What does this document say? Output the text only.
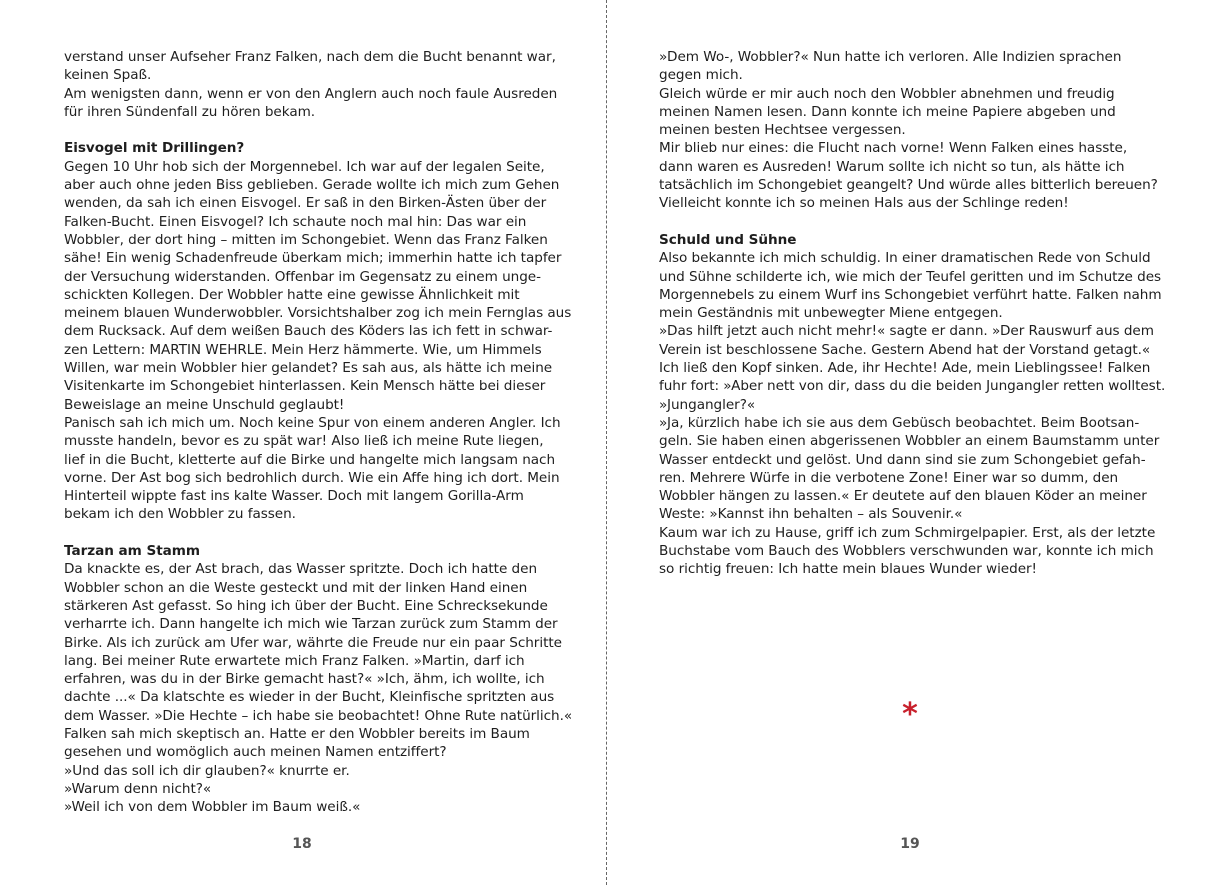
verstand unser Aufseher Franz Falken, nach dem die Bucht benannt war,

keinen Spaß.

Am wenigsten dann, wenn er von den Anglern auch noch faule Ausreden

für ihren Sündenfall zu hören bekam.

Eisvogel mit Drillingen?

Gegen 10 Uhr hob sich der Morgennebel. Ich war auf der legalen Seite,

aber auch ohne jeden Biss geblieben. Gerade wollte ich mich zum Gehen

wenden, da sah ich einen Eisvogel. Er saß in den Birken-Ästen über der

Falken-Bucht. Einen Eisvogel? Ich schaute noch mal hin: Das war ein

Wobbler, der dort hing – mitten im Schongebiet. Wenn das Franz Falken

sähe! Ein wenig Schadenfreude überkam mich; immerhin hatte ich tapfer

der Versuchung widerstanden. Offenbar im Gegensatz zu einem unge-

schickten Kollegen. Der Wobbler hatte eine gewisse Ähnlichkeit mit

meinem blauen Wunderwobbler. Vorsichtshalber zog ich mein Fernglas aus

dem Rucksack. Auf dem weißen Bauch des Köders las ich fett in schwar-

zen Lettern: MARTIN WEHRLE. Mein Herz hämmerte. Wie, um Himmels

Willen, war mein Wobbler hier gelandet? Es sah aus, als hätte ich meine

Visitenkarte im Schongebiet hinterlassen. Kein Mensch hätte bei dieser

Beweislage an meine Unschuld geglaubt!

Panisch sah ich mich um. Noch keine Spur von einem anderen Angler. Ich

musste handeln, bevor es zu spät war! Also ließ ich meine Rute liegen,

lief in die Bucht, kletterte auf die Birke und hangelte mich langsam nach

vorne. Der Ast bog sich bedrohlich durch. Wie ein Affe hing ich dort. Mein

Hinterteil wippte fast ins kalte Wasser. Doch mit langem Gorilla-Arm

bekam ich den Wobbler zu fassen.

Tarzan am Stamm

Da knackte es, der Ast brach, das Wasser spritzte. Doch ich hatte den

Wobbler schon an die Weste gesteckt und mit der linken Hand einen

stärkeren Ast gefasst. So hing ich über der Bucht. Eine Schrecksekunde

verharrte ich. Dann hangelte ich mich wie Tarzan zurück zum Stamm der

Birke. Als ich zurück am Ufer war, währte die Freude nur ein paar Schritte

lang. Bei meiner Rute erwartete mich Franz Falken. »Martin, darf ich

erfahren, was du in der Birke gemacht hast?« »Ich, ähm, ich wollte, ich

dachte ...« Da klatschte es wieder in der Bucht, Kleinfische spritzten aus

dem Wasser. »Die Hechte – ich habe sie beobachtet! Ohne Rute natürlich.«

Falken sah mich skeptisch an. Hatte er den Wobbler bereits im Baum

gesehen und womöglich auch meinen Namen entziffert?

»Und das soll ich dir glauben?« knurrte er.

»Warum denn nicht?«

»Weil ich von dem Wobbler im Baum weiß.«

18

»Dem Wo-, Wobbler?« Nun hatte ich verloren. Alle Indizien sprachen

gegen mich.

Gleich würde er mir auch noch den Wobbler abnehmen und freudig

meinen Namen lesen. Dann konnte ich meine Papiere abgeben und

meinen besten Hechtsee vergessen.

Mir blieb nur eines: die Flucht nach vorne! Wenn Falken eines hasste,

dann waren es Ausreden! Warum sollte ich nicht so tun, als hätte ich

tatsächlich im Schongebiet geangelt? Und würde alles bitterlich bereuen?

Vielleicht konnte ich so meinen Hals aus der Schlinge reden!

Schuld und Sühne

Also bekannte ich mich schuldig. In einer dramatischen Rede von Schuld

und Sühne schilderte ich, wie mich der Teufel geritten und im Schutze des

Morgennebels zu einem Wurf ins Schongebiet verführt hatte. Falken nahm

mein Geständnis mit unbewegter Miene entgegen.

»Das hilft jetzt auch nicht mehr!« sagte er dann. »Der Rauswurf aus dem

Verein ist beschlossene Sache. Gestern Abend hat der Vorstand getagt.«

Ich ließ den Kopf sinken. Ade, ihr Hechte! Ade, mein Lieblingssee! Falken

fuhr fort: »Aber nett von dir, dass du die beiden Jungangler retten wolltest.

»Jungangler?«

»Ja, kürzlich habe ich sie aus dem Gebüsch beobachtet. Beim Bootsan-

geln. Sie haben einen abgerissenen Wobbler an einem Baumstamm unter

Wasser entdeckt und gelöst. Und dann sind sie zum Schongebiet gefah-

ren. Mehrere Würfe in die verbotene Zone! Einer war so dumm, den

Wobbler hängen zu lassen.« Er deutete auf den blauen Köder an meiner

Weste: »Kannst ihn behalten – als Souvenir.«

Kaum war ich zu Hause, griff ich zum Schmirgelpapier. Erst, als der letzte

Buchstabe vom Bauch des Wobblers verschwunden war, konnte ich mich

so richtig freuen: Ich hatte mein blaues Wunder wieder!

*
19
